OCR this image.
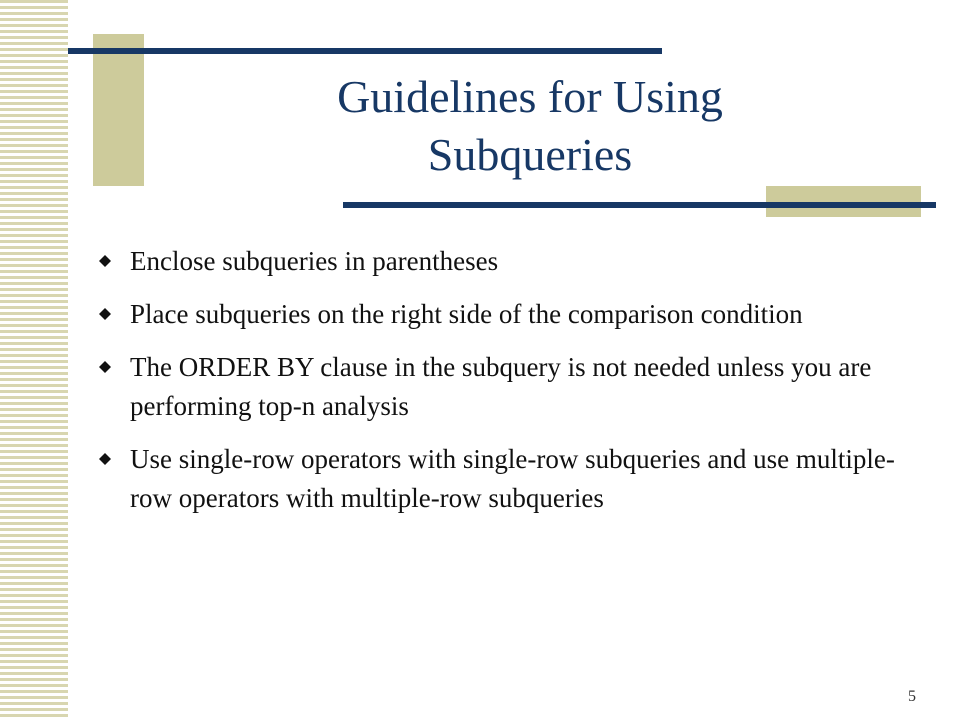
Guidelines for Using
Subqueries
Enclose subqueries in parentheses
Place subqueries on the right side of the comparison condition
The ORDER BY clause in the subquery is not needed unless you are performing top-n analysis
Use single-row operators with single-row subqueries and use multiple-row operators with multiple-row subqueries
5
